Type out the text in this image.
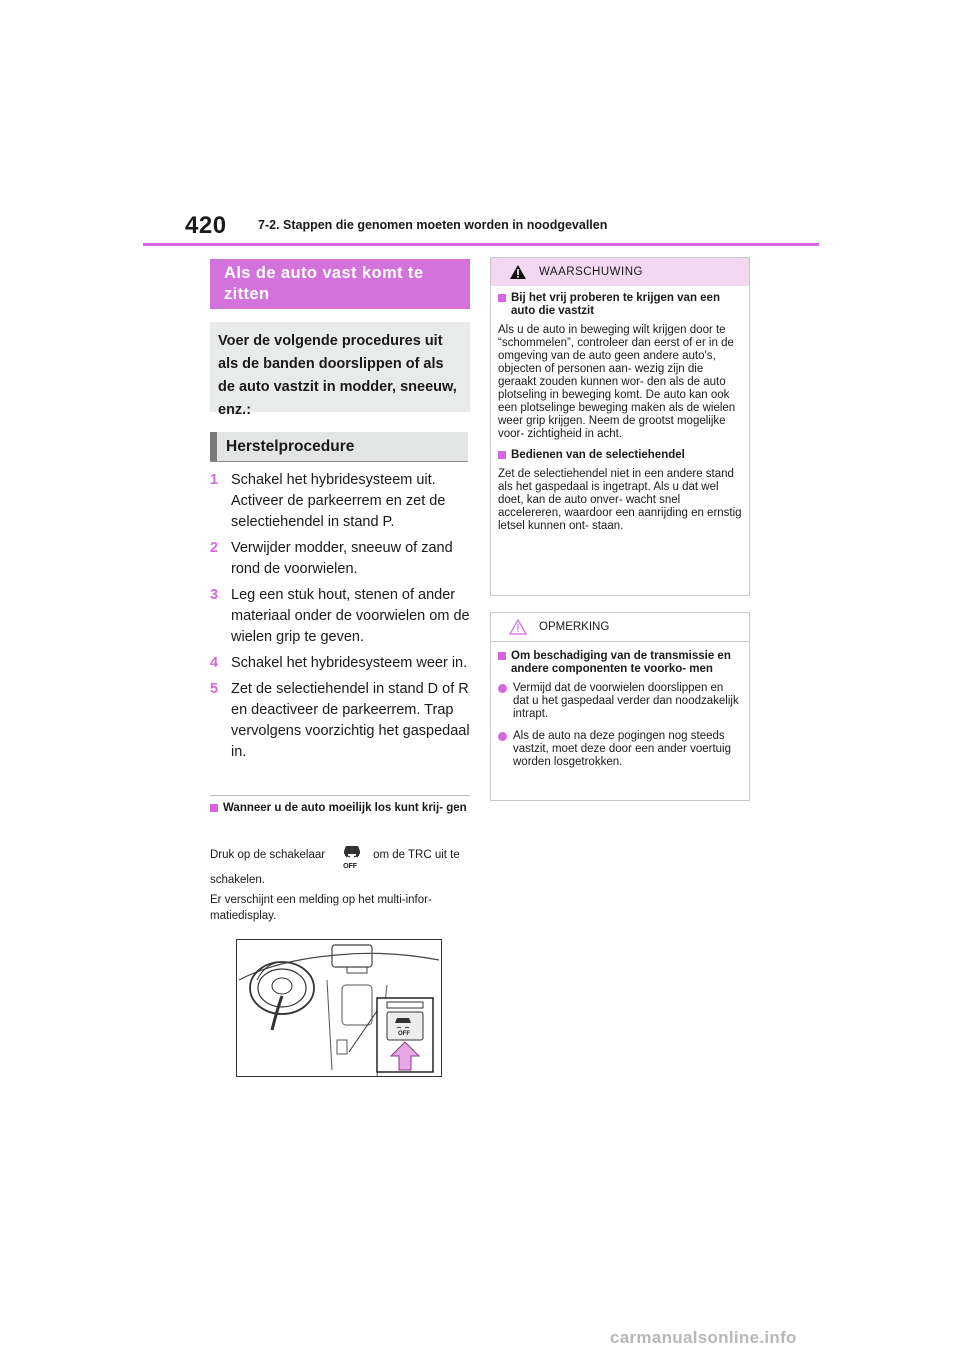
420	7-2. Stappen die genomen moeten worden in noodgevallen
Als de auto vast komt te zitten
Voer de volgende procedures uit als de banden doorslippen of als de auto vastzit in modder, sneeuw, enz.:
Herstelprocedure
1 Schakel het hybridesysteem uit. Activeer de parkeerrem en zet de selectiehendel in stand P.
2 Verwijder modder, sneeuw of zand rond de voorwielen.
3 Leg een stuk hout, stenen of ander materiaal onder de voorwielen om de wielen grip te geven.
4 Schakel het hybridesysteem weer in.
5 Zet de selectiehendel in stand D of R en deactiveer de parkeerrem. Trap vervolgens voorzichtig het gaspedaal in.
Wanneer u de auto moeilijk los kunt krij- gen
Druk op de schakelaar
OFF
om de TRC uit te
schakelen.
Er verschijnt een melding op het multi-infor- matiedisplay.
OFF
WAARSCHUWING
Bij het vrij proberen te krijgen van een auto die vastzit
Als u de auto in beweging wilt krijgen door te “schommelen”, controleer dan eerst of er in de omgeving van de auto geen andere auto's, objecten of personen aan- wezig zijn die geraakt zouden kunnen wor- den als de auto plotseling in beweging komt. De auto kan ook een plotselinge beweging maken als de wielen weer grip krijgen. Neem de grootst mogelijke voor- zichtigheid in acht.
Bedienen van de selectiehendel
Zet de selectiehendel niet in een andere stand als het gaspedaal is ingetrapt. Als u dat wel doet, kan de auto onver- wacht snel accelereren, waardoor een aanrijding en ernstig letsel kunnen ont- staan.
OPMERKING
Om beschadiging van de transmissie en andere componenten te voorko- men
Vermijd dat de voorwielen doorslippen en dat u het gaspedaal verder dan noodzakelijk intrapt.
Als de auto na deze pogingen nog steeds vastzit, moet deze door een ander voertuig worden losgetrokken.
carmanualsonline.info
